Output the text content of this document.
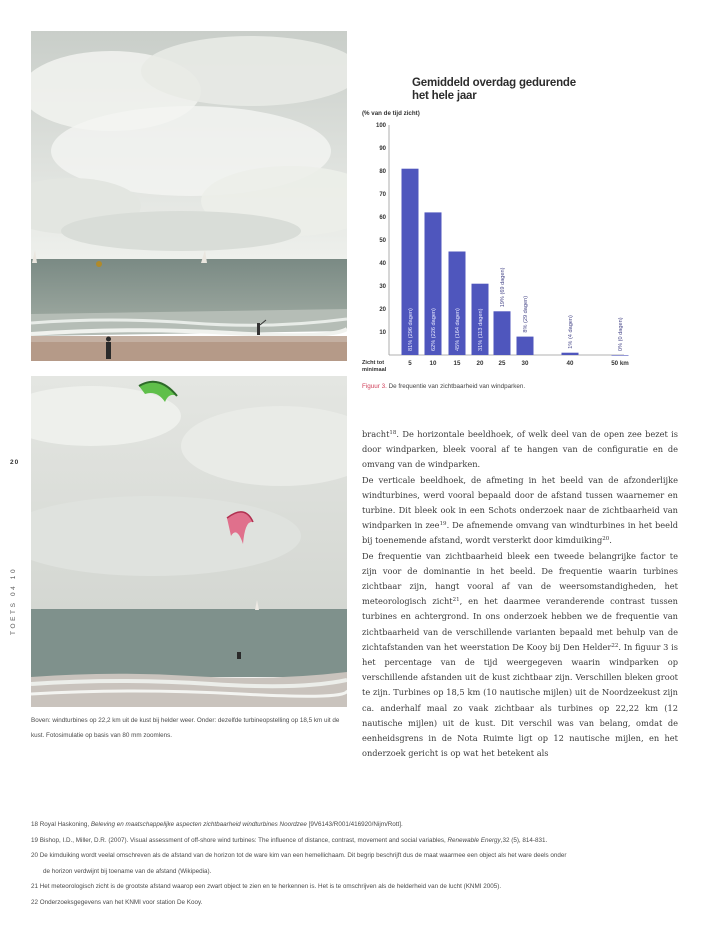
Boven: windturbines op 22,2 km uit de kust bij helder weer. Onder: dezelfde turbineopstelling op 18,5 km uit de kust. Fotosimulatie op basis van 80 mm zoomlens.
20
TOETS 04 10
Gemiddeld overdag gedurende
het hele jaar
(% van de tijd zicht)
100
90
80
70
60
50
40
30
20
10	81% (296 dagen)	62% (226 dagen)	45% (164 dagen)	31% (113 dagen)
19% (69 dagen)
8% (29 dagen)	1% (4 dagen)	0% (0 dagen)
5	10	15	20 25	30	40	50 km
Zicht tot
minimaal
Figuur 3. De frequentie van zichtbaarheid van windparken.

bracht$^{18}$. De horizontale beeldhoek, of welk deel van de open zee bezet is door windparken, bleek vooral af te hangen van de configuratie en de omvang van de windparken.

De verticale beeldhoek, de afmeting in het beeld van de afzonderlijke windturbines, werd vooral bepaald door de afstand tussen waarnemer en turbine. Dit bleek ook in een Schots onderzoek naar de zichtbaarheid van windparken in zee$^{19}$. De afnemende omvang van windturbines in het beeld bij toenemende afstand, wordt versterkt door kimduiking$^{20}$.

De frequentie van zichtbaarheid bleek een tweede belangrijke factor te zijn voor de dominantie in het beeld. De frequentie waarin turbines zichtbaar zijn, hangt vooral af van de weersomstandigheden, het meteorologisch zicht$^{21}$, en het daarmee veranderende contrast tussen turbines en achtergrond. In ons onderzoek hebben we de frequentie van zichtbaarheid van de verschillende varianten bepaald met behulp van de zichtafstanden van het weerstation De Kooy bij Den Helder$^{22}$. In figuur 3 is het percentage van de tijd weergegeven waarin windparken op verschillende afstanden uit de kust zichtbaar zijn. Verschillen bleken groot te zijn. Turbines op 18,5 km (10 nautische mijlen) uit de Noordzeekust zijn ca. anderhalf maal zo vaak zichtbaar als turbines op 22,22 km (12 nautische mijlen) uit de kust. Dit verschil was van belang, omdat de eenheidsgrens in de Nota Ruimte ligt op 12 nautische mijlen, en het onderzoek gericht is op wat het betekent als

18 Royal Haskoning, Beleving en maatschappelijke aspecten zichtbaarheid windturbines Noordzee [9V6143/R001/416920/Nijm/Rott].
19 Bishop, I.D., Miller, D.R. (2007). Visual assessment of off-shore wind turbines: The influence of distance, contrast, movement and social variables, Renewable Energy,32 (5), 814-831.
20 De kimduiking wordt veelal omschreven als de afstand van de horizon tot de ware kim van een hemellichaam. Dit begrip beschrijft dus de maat waarmee een object als het ware deels onder
de horizon verdwijnt bij toename van de afstand (Wikipedia).
21 Het meteorologisch zicht is de grootste afstand waarop een zwart object te zien en te herkennen is. Het is te omschrijven als de helderheid van de lucht (KNMI 2005).
22 Onderzoeksgegevens van het KNMI voor station De Kooy.
